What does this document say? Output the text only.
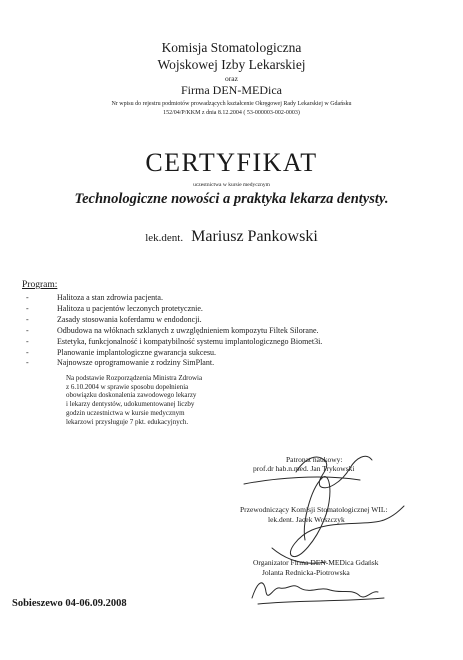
Komisja Stomatologiczna

Wojskowej Izby Lekarskiej

oraz

Firma DEN-MEDica

Nr wpisu do rejestru podmiotów prowadzących kształcenie Okręgowej Rady Lekarskiej w Gdańsku

152/04/P/KKM z dnia 8.12.2004 ( 53-000003-002-0003)

CERTYFIKAT

uczestnictwa w kursie medycznym

Technologiczne nowości a praktyka lekarza dentysty.

lek.dent. Mariusz Pankowski

Program:

-	Halitoza a stan zdrowia pacjenta.
-	Halitoza u pacjentów leczonych protetycznie.
-	Zasady stosowania koferdamu w endodoncji.
-	Odbudowa na włóknach szklanych z uwzględnieniem kompozytu Filtek Silorane.
-	Estetyka, funkcjonalność i kompatybilność systemu implantologicznego Biomet3i.
-	Planowanie implantologiczne gwarancja sukcesu.
-	Najnowsze oprogramowanie z rodziny SimPlant.
Na podstawie Rozporządzenia Ministra Zdrowia
z 6.10.2004 w sprawie sposobu dopełnienia
obowiązku doskonalenia zawodowego lekarzy
i lekarzy dentystów, udokumentowanej liczby
godzin uczestnictwa w kursie medycznym
lekarzowi przysługuje 7 pkt. edukacyjnych.

Patronat naukowy:

prof.dr hab.n.med. Jan Trykowski

Przewodniczący Komisji Stomatologicznej WIL:

lek.dent. Jacek Woszczyk

Organizator Firma DEN-MEDica Gdańsk

Jolanta Rednicka-Piotrowska

Sobieszewo 04-06.09.2008
